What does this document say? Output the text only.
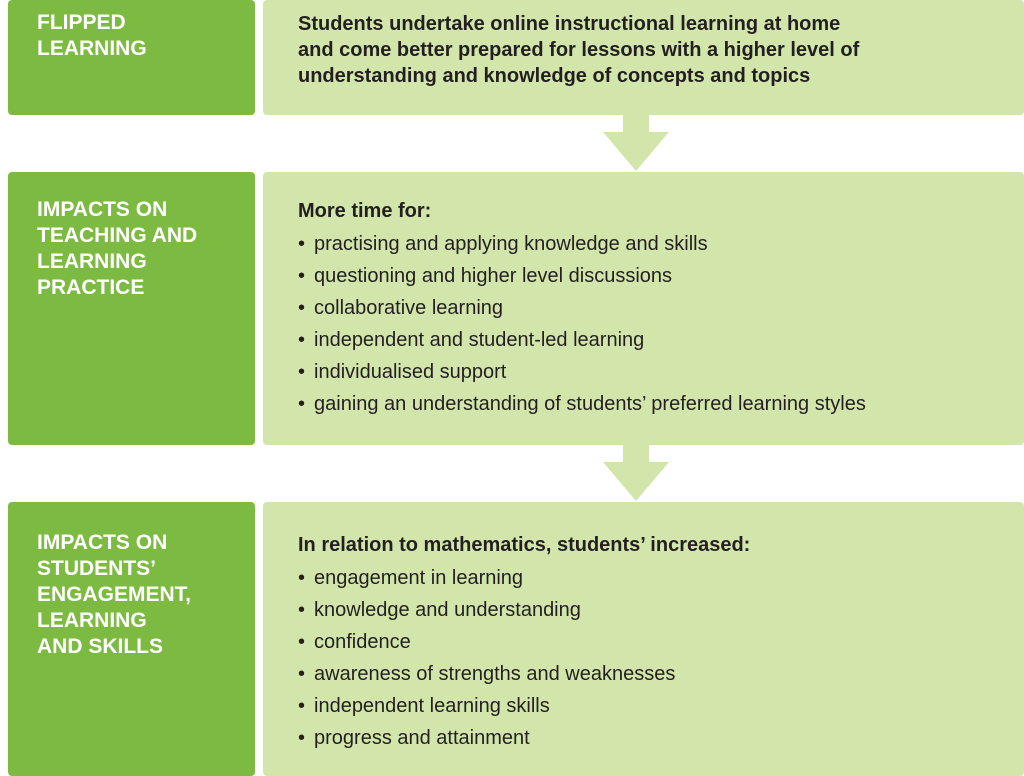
FLIPPED
LEARNING
Students undertake online instructional learning at home
and come better prepared for lessons with a higher level of
understanding and knowledge of concepts and topics
IMPACTS ON
TEACHING AND
LEARNING
PRACTICE
More time for:
• practising and applying knowledge and skills
• questioning and higher level discussions
• collaborative learning
• independent and student-led learning
• individualised support
• gaining an understanding of students’ preferred learning styles
IMPACTS ON
STUDENTS’
ENGAGEMENT,
LEARNING
AND SKILLS
In relation to mathematics, students’ increased:
• engagement in learning
• knowledge and understanding
• confidence
• awareness of strengths and weaknesses
• independent learning skills
• progress and attainment
